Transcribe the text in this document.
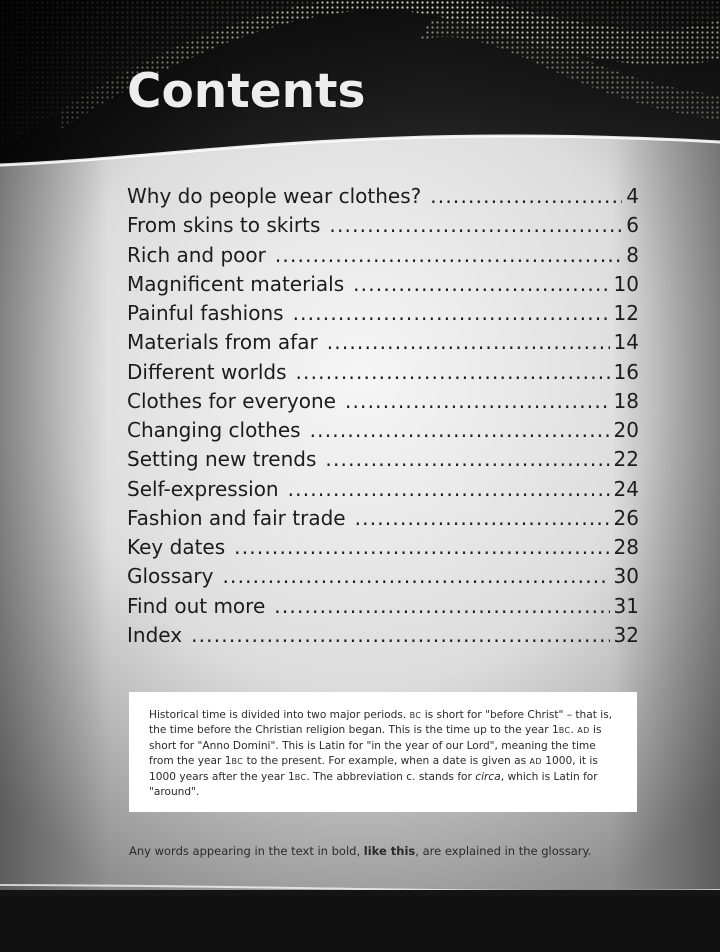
Contents
Why do people wear clothes? .....	4
From skins to skirts .....	6
Rich and poor .....	8
Magnificent materials .....	10
Painful fashions .....	12
Materials from afar .....	14
Different worlds .....	16
Clothes for everyone .....	18
Changing clothes .....	20
Setting new trends .....	22
Self-expression .....	24
Fashion and fair trade .....	26
Key dates .....	28
Glossary .....	30
Find out more .....	31
Index .....	32
Historical time is divided into two major periods. BC is short for "before Christ" – that is, the time before the Christian religion began. This is the time up to the year 1BC. AD is short for "Anno Domini". This is Latin for "in the year of our Lord", meaning the time from the year 1BC to the present. For example, when a date is given as AD 1000, it is 1000 years after the year 1BC. The abbreviation c. stands for circa, which is Latin for "around".
Any words appearing in the text in bold, like this, are explained in the glossary.
